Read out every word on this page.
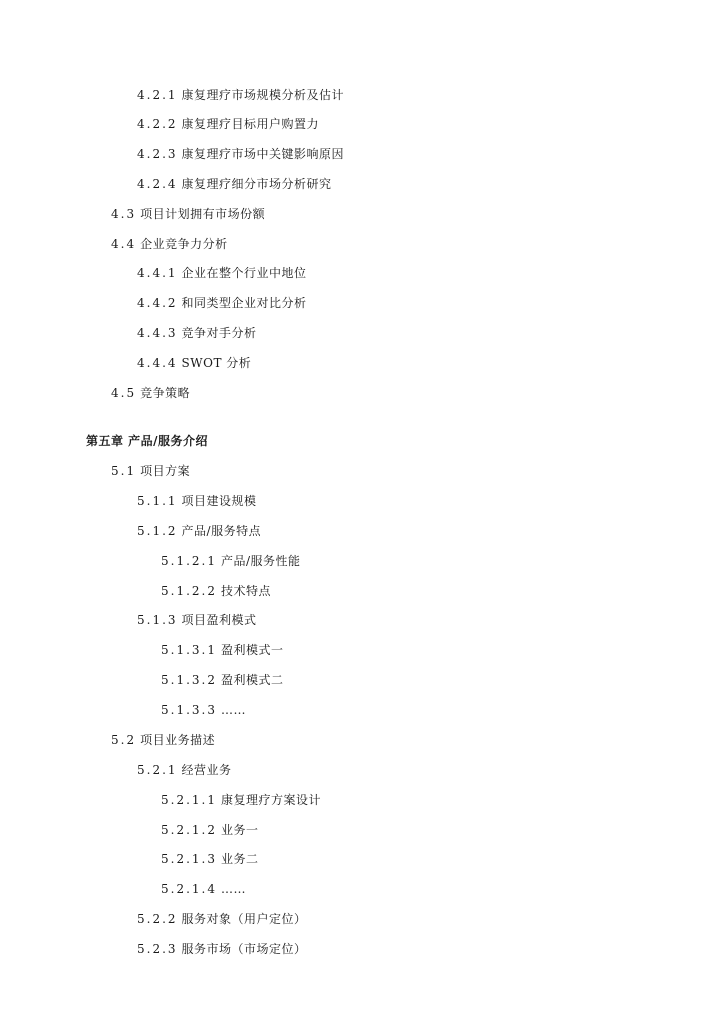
4.2.1 康复理疗市场规模分析及估计
4.2.2 康复理疗目标用户购置力
4.2.3 康复理疗市场中关键影响原因
4.2.4 康复理疗细分市场分析研究
4.3 项目计划拥有市场份额
4.4 企业竞争力分析
4.4.1 企业在整个行业中地位
4.4.2 和同类型企业对比分析
4.4.3 竞争对手分析
4.4.4 SWOT 分析
4.5 竞争策略
第五章 产品/服务介绍
5.1 项目方案
5.1.1 项目建设规模
5.1.2 产品/服务特点
5.1.2.1 产品/服务性能
5.1.2.2 技术特点
5.1.3 项目盈利模式
5.1.3.1 盈利模式一
5.1.3.2 盈利模式二
5.1.3.3 ……
5.2 项目业务描述
5.2.1 经营业务
5.2.1.1 康复理疗方案设计
5.2.1.2 业务一
5.2.1.3 业务二
5.2.1.4 ……
5.2.2 服务对象（用户定位）
5.2.3 服务市场（市场定位）
